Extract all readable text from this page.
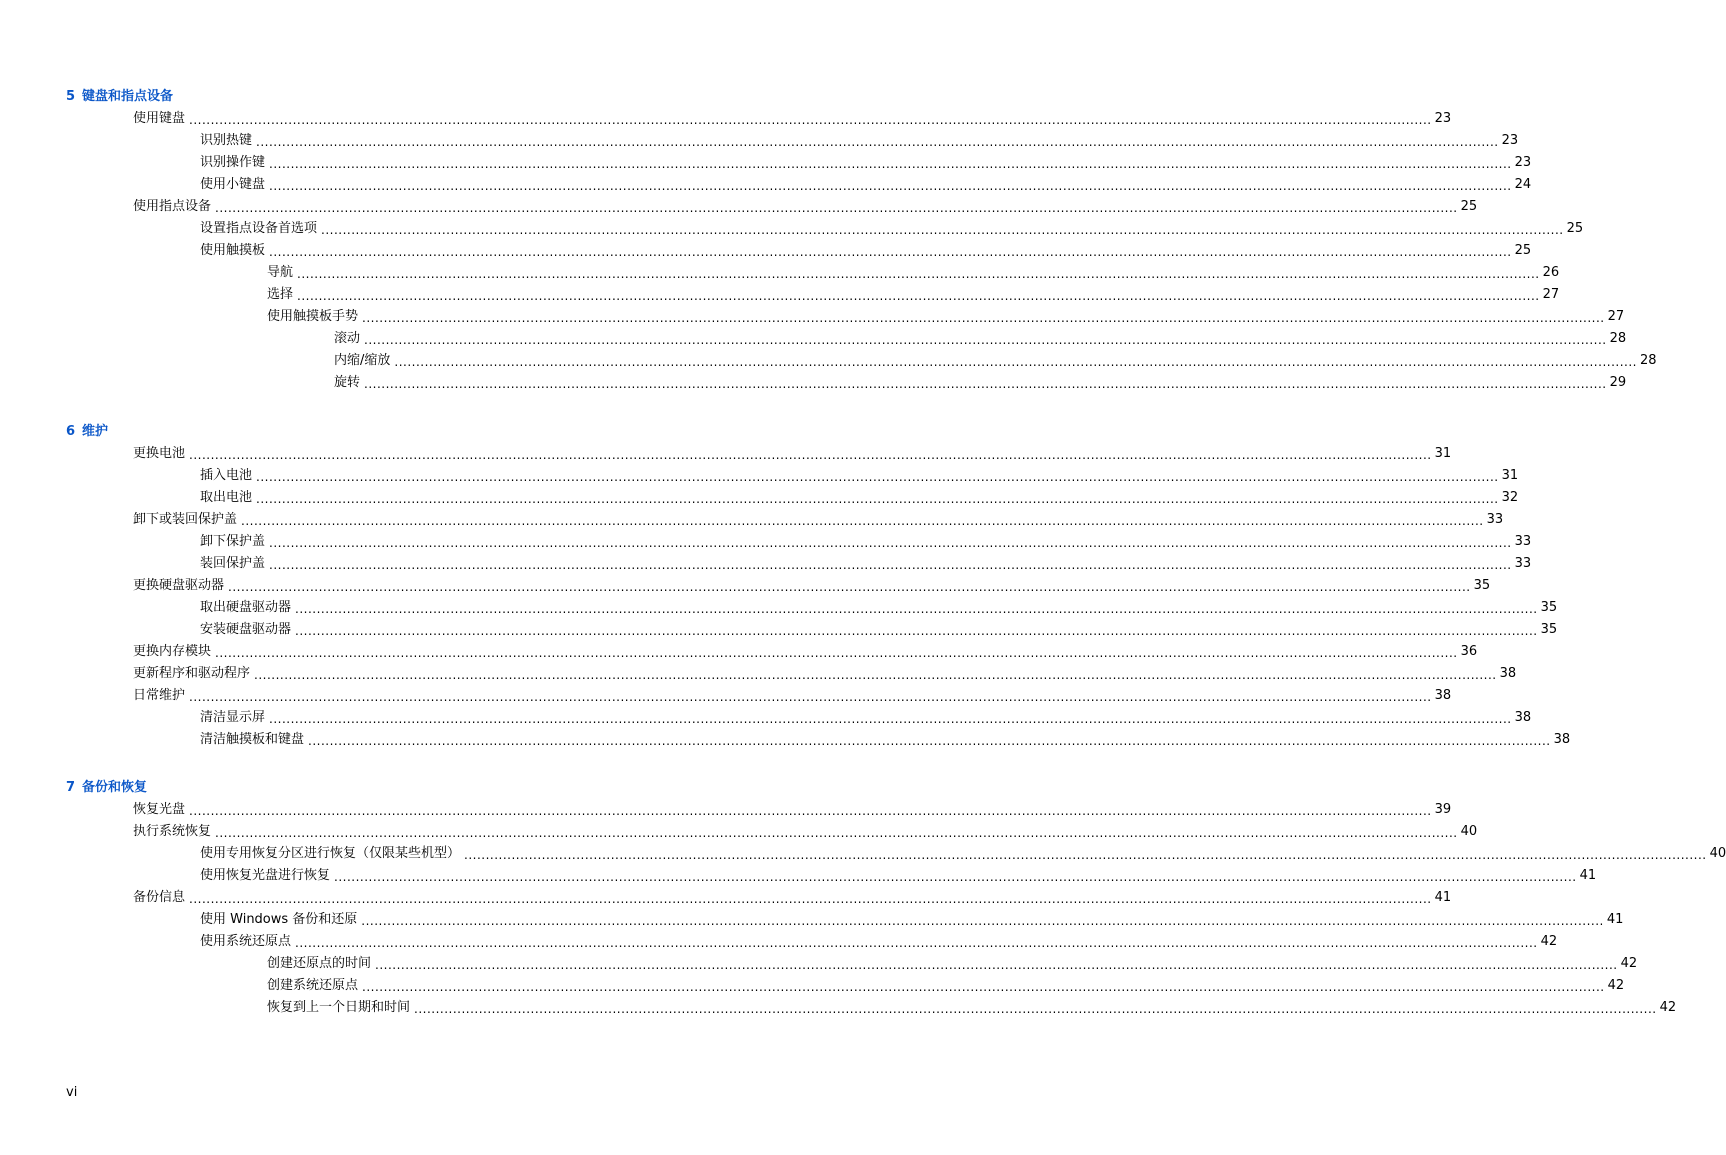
5 键盘和指点设备
使用键盘 ................................................................................................................................................................................................................................................................................................ 23
识别热键 ................................................................................................................................................................................................................................................................................................ 23
识别操作键 ................................................................................................................................................................................................................................................................................................ 23
使用小键盘 ................................................................................................................................................................................................................................................................................................ 24
使用指点设备 ................................................................................................................................................................................................................................................................................................ 25
设置指点设备首选项 ................................................................................................................................................................................................................................................................................................ 25
使用触摸板 ................................................................................................................................................................................................................................................................................................ 25
导航 ................................................................................................................................................................................................................................................................................................ 26
选择 ................................................................................................................................................................................................................................................................................................ 27
使用触摸板手势 ................................................................................................................................................................................................................................................................................................ 27
滚动 ................................................................................................................................................................................................................................................................................................ 28
内缩/缩放 ................................................................................................................................................................................................................................................................................................ 28
旋转 ................................................................................................................................................................................................................................................................................................ 29
6 维护
更换电池 ................................................................................................................................................................................................................................................................................................ 31
插入电池 ................................................................................................................................................................................................................................................................................................ 31
取出电池 ................................................................................................................................................................................................................................................................................................ 32
卸下或装回保护盖 ................................................................................................................................................................................................................................................................................................ 33
卸下保护盖 ................................................................................................................................................................................................................................................................................................ 33
装回保护盖 ................................................................................................................................................................................................................................................................................................ 33
更换硬盘驱动器 ................................................................................................................................................................................................................................................................................................ 35
取出硬盘驱动器 ................................................................................................................................................................................................................................................................................................ 35
安装硬盘驱动器 ................................................................................................................................................................................................................................................................................................ 35
更换内存模块 ................................................................................................................................................................................................................................................................................................ 36
更新程序和驱动程序 ................................................................................................................................................................................................................................................................................................ 38
日常维护 ................................................................................................................................................................................................................................................................................................ 38
清洁显示屏 ................................................................................................................................................................................................................................................................................................ 38
清洁触摸板和键盘 ................................................................................................................................................................................................................................................................................................ 38
7 备份和恢复
恢复光盘 ................................................................................................................................................................................................................................................................................................ 39
执行系统恢复 ................................................................................................................................................................................................................................................................................................ 40
使用专用恢复分区进行恢复（仅限某些机型） ................................................................................................................................................................................................................................................................................................ 40
使用恢复光盘进行恢复 ................................................................................................................................................................................................................................................................................................ 41
备份信息 ................................................................................................................................................................................................................................................................................................ 41
使用 Windows 备份和还原 ................................................................................................................................................................................................................................................................................................ 41
使用系统还原点 ................................................................................................................................................................................................................................................................................................ 42
创建还原点的时间 ................................................................................................................................................................................................................................................................................................ 42
创建系统还原点 ................................................................................................................................................................................................................................................................................................ 42
恢复到上一个日期和时间 ................................................................................................................................................................................................................................................................................................ 42
vi
